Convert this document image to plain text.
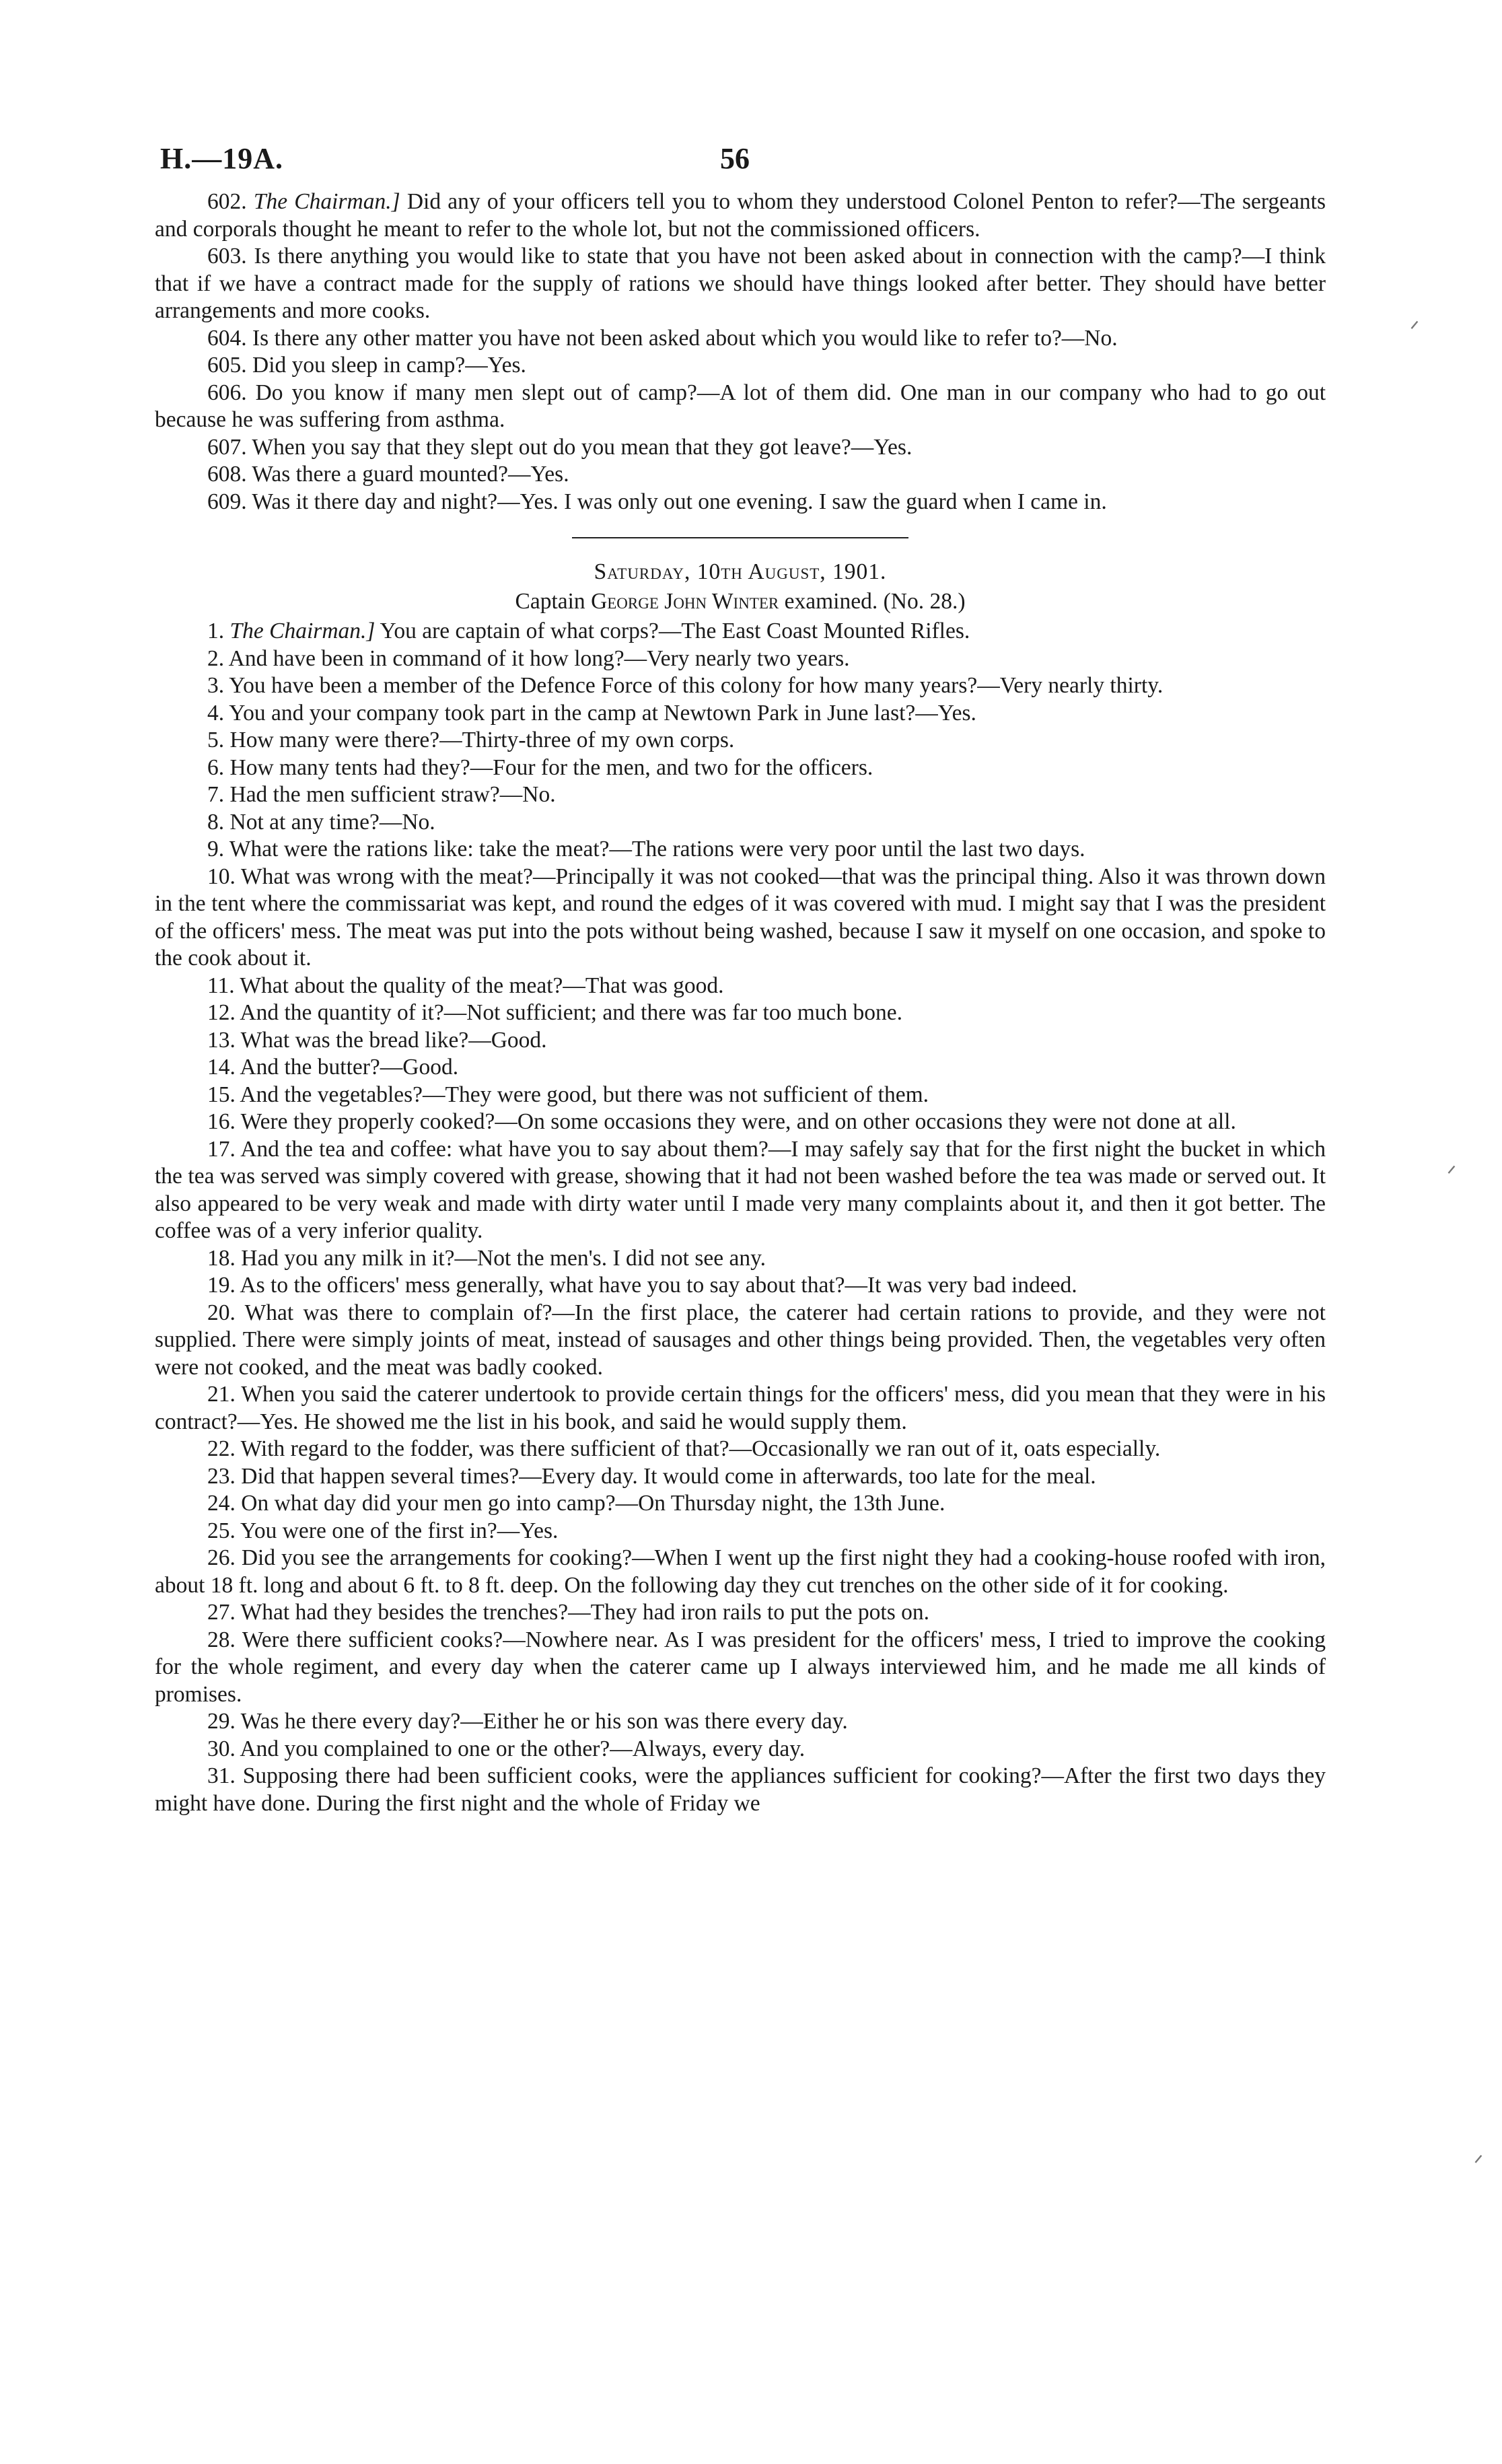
H.—19A.	56

602. The Chairman.] Did any of your officers tell you to whom they understood Colonel Penton to refer?—The sergeants and corporals thought he meant to refer to the whole lot, but not the commissioned officers.

603. Is there anything you would like to state that you have not been asked about in connection with the camp?—I think that if we have a contract made for the supply of rations we should have things looked after better. They should have better arrangements and more cooks.

604. Is there any other matter you have not been asked about which you would like to refer to?—No.

605. Did you sleep in camp?—Yes.

606. Do you know if many men slept out of camp?—A lot of them did. One man in our company who had to go out because he was suffering from asthma.

607. When you say that they slept out do you mean that they got leave?—Yes.

608. Was there a guard mounted?—Yes.

609. Was it there day and night?—Yes. I was only out one evening. I saw the guard when I came in.

Saturday, 10th August, 1901.
Captain George John Winter examined. (No. 28.)

1. The Chairman.] You are captain of what corps?—The East Coast Mounted Rifles.

2. And have been in command of it how long?—Very nearly two years.

3. You have been a member of the Defence Force of this colony for how many years?—Very nearly thirty.

4. You and your company took part in the camp at Newtown Park in June last?—Yes.

5. How many were there?—Thirty-three of my own corps.

6. How many tents had they?—Four for the men, and two for the officers.

7. Had the men sufficient straw?—No.

8. Not at any time?—No.

9. What were the rations like: take the meat?—The rations were very poor until the last two days.

10. What was wrong with the meat?—Principally it was not cooked—that was the principal thing. Also it was thrown down in the tent where the commissariat was kept, and round the edges of it was covered with mud. I might say that I was the president of the officers' mess. The meat was put into the pots without being washed, because I saw it myself on one occasion, and spoke to the cook about it.

11. What about the quality of the meat?—That was good.

12. And the quantity of it?—Not sufficient; and there was far too much bone.

13. What was the bread like?—Good.

14. And the butter?—Good.

15. And the vegetables?—They were good, but there was not sufficient of them.

16. Were they properly cooked?—On some occasions they were, and on other occasions they were not done at all.

17. And the tea and coffee: what have you to say about them?—I may safely say that for the first night the bucket in which the tea was served was simply covered with grease, showing that it had not been washed before the tea was made or served out. It also appeared to be very weak and made with dirty water until I made very many complaints about it, and then it got better. The coffee was of a very inferior quality.

18. Had you any milk in it?—Not the men's. I did not see any.

19. As to the officers' mess generally, what have you to say about that?—It was very bad indeed.

20. What was there to complain of?—In the first place, the caterer had certain rations to provide, and they were not supplied. There were simply joints of meat, instead of sausages and other things being provided. Then, the vegetables very often were not cooked, and the meat was badly cooked.

21. When you said the caterer undertook to provide certain things for the officers' mess, did you mean that they were in his contract?—Yes. He showed me the list in his book, and said he would supply them.

22. With regard to the fodder, was there sufficient of that?—Occasionally we ran out of it, oats especially.

23. Did that happen several times?—Every day. It would come in afterwards, too late for the meal.

24. On what day did your men go into camp?—On Thursday night, the 13th June.

25. You were one of the first in?—Yes.

26. Did you see the arrangements for cooking?—When I went up the first night they had a cooking-house roofed with iron, about 18 ft. long and about 6 ft. to 8 ft. deep. On the following day they cut trenches on the other side of it for cooking.

27. What had they besides the trenches?—They had iron rails to put the pots on.

28. Were there sufficient cooks?—Nowhere near. As I was president for the officers' mess, I tried to improve the cooking for the whole regiment, and every day when the caterer came up I always interviewed him, and he made me all kinds of promises.

29. Was he there every day?—Either he or his son was there every day.

30. And you complained to one or the other?—Always, every day.

31. Supposing there had been sufficient cooks, were the appliances sufficient for cooking?—After the first two days they might have done. During the first night and the whole of Friday we

ᐟ
ᐟ
ᐟ
